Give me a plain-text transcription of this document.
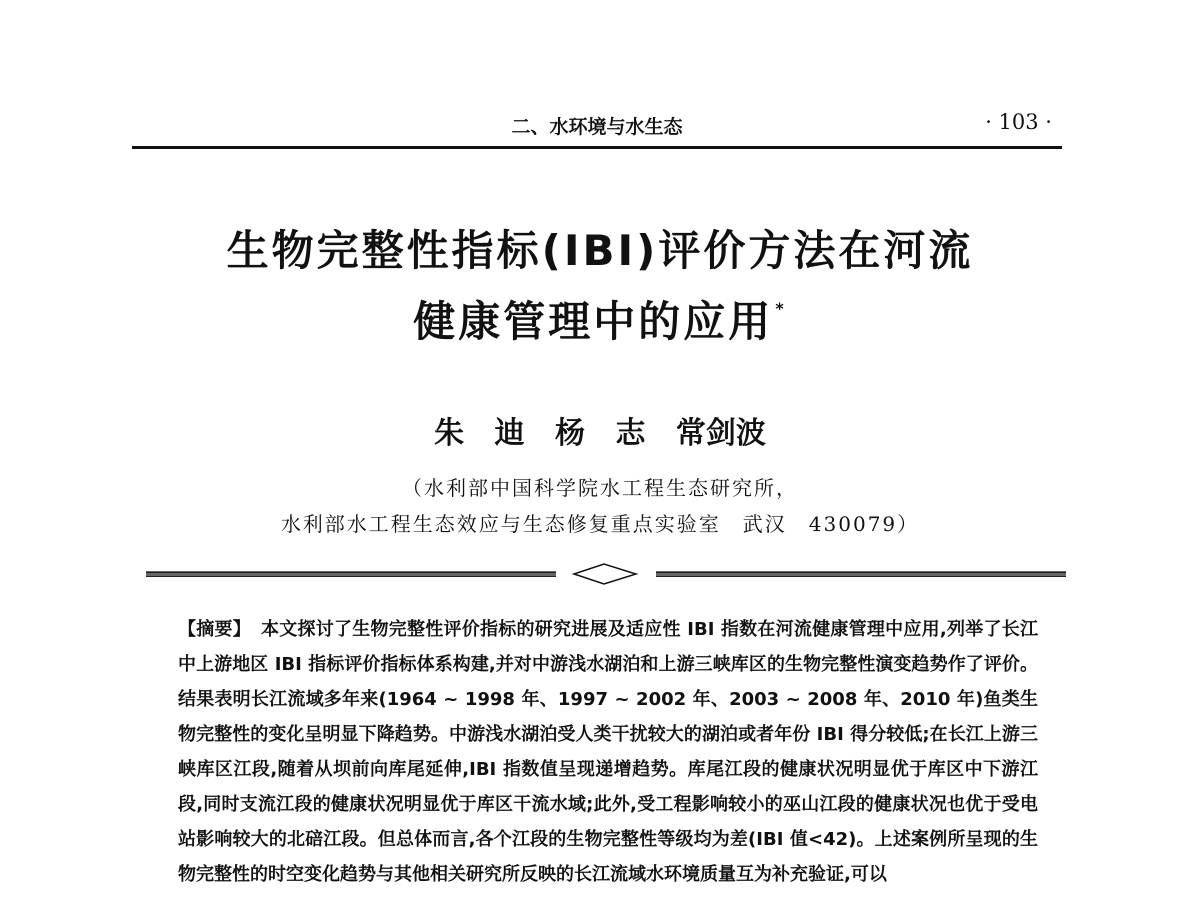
二、水环境与水生态	· 103 ·
生物完整性指标(IBI)评价方法在河流
健康管理中的应用 *
朱 迪 杨 志 常剑波
（水利部中国科学院水工程生态研究所，
水利部水工程生态效应与生态修复重点实验室　武汉　430079）
【摘要】 本文探讨了生物完整性评价指标的研究进展及适应性 IBI 指数在河流健康管理中应用,列举了长江中上游地区 IBI 指标评价指标体系构建,并对中游浅水湖泊和上游三峡库区的生物完整性演变趋势作了评价。结果表明长江流域多年来(1964 ~ 1998 年、1997 ~ 2002 年、2003 ~ 2008 年、2010 年)鱼类生物完整性的变化呈明显下降趋势。中游浅水湖泊受人类干扰较大的湖泊或者年份 IBI 得分较低;在长江上游三峡库区江段,随着从坝前向库尾延伸,IBI 指数值呈现递增趋势。库尾江段的健康状况明显优于库区中下游江段,同时支流江段的健康状况明显优于库区干流水域;此外,受工程影响较小的巫山江段的健康状况也优于受电站影响较大的北碚江段。但总体而言,各个江段的生物完整性等级均为差(IBI 值<42)。上述案例所呈现的生物完整性的时空变化趋势与其他相关研究所反映的长江流域水环境质量互为补充验证,可以
